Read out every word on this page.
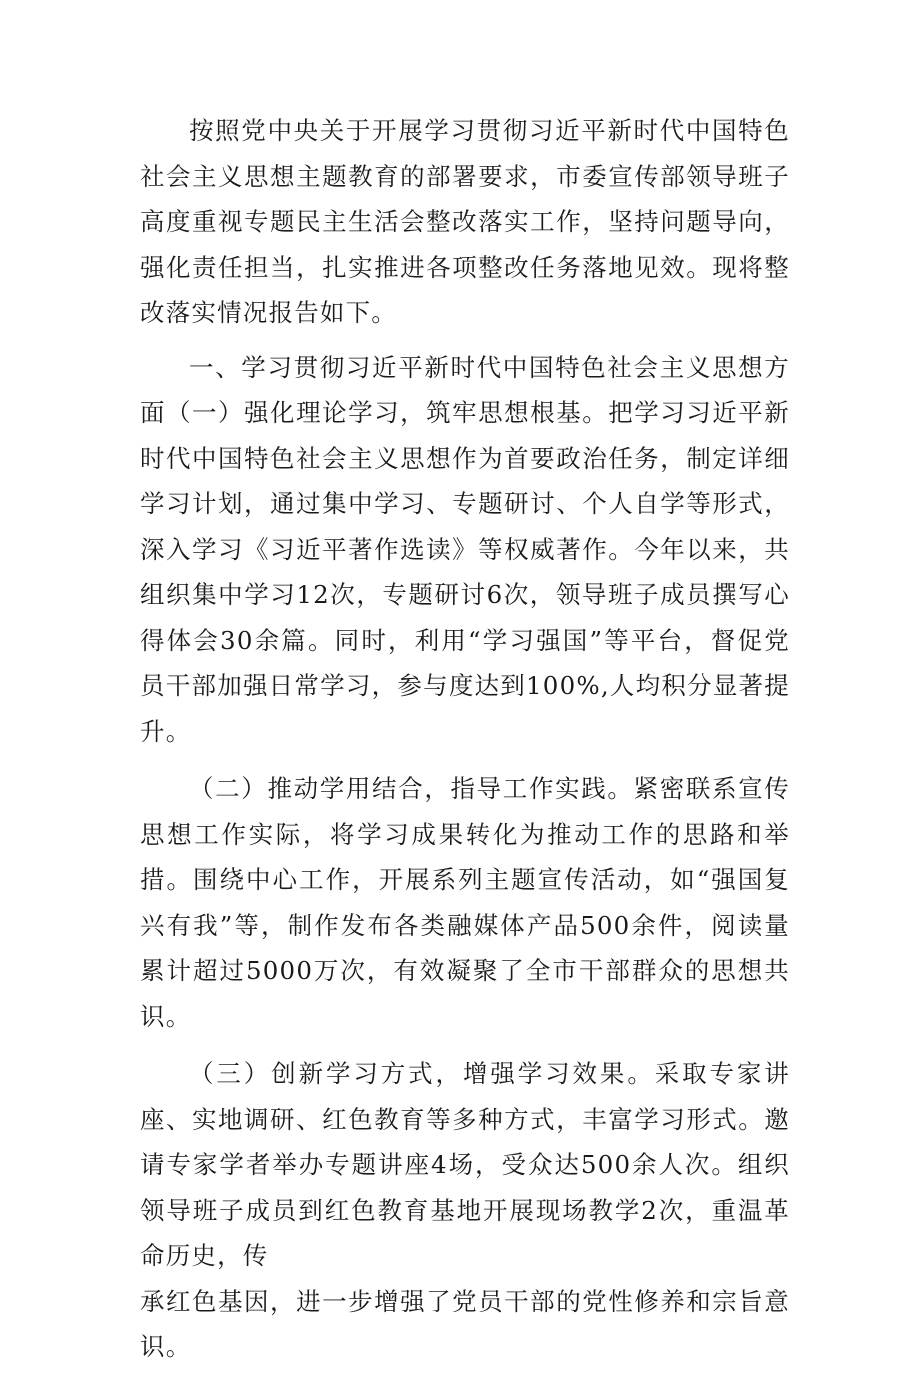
按照党中央关于开展学习贯彻习近平新时代中国特色社会主义思想主题教育的部署要求，市委宣传部领导班子高度重视专题民主生活会整改落实工作，坚持问题导向，强化责任担当，扎实推进各项整改任务落地见效。现将整改落实情况报告如下。

一、学习贯彻习近平新时代中国特色社会主义思想方面（一）强化理论学习，筑牢思想根基。把学习习近平新时代中国特色社会主义思想作为首要政治任务，制定详细学习计划，通过集中学习、专题研讨、个人自学等形式，深入学习《习近平著作选读》等权威著作。今年以来，共组织集中学习12次，专题研讨6次，领导班子成员撰写心得体会30余篇。同时，利用“学习强国”等平台，督促党员干部加强日常学习，参与度达到100%,人均积分显著提升。

（二）推动学用结合，指导工作实践。紧密联系宣传思想工作实际，将学习成果转化为推动工作的思路和举措。围绕中心工作，开展系列主题宣传活动，如“强国复兴有我”等，制作发布各类融媒体产品500余件，阅读量累计超过5000万次，有效凝聚了全市干部群众的思想共识。

（三）创新学习方式，增强学习效果。采取专家讲座、实地调研、红色教育等多种方式，丰富学习形式。邀请专家学者举办专题讲座4场，受众达500余人次。组织领导班子成员到红色教育基地开展现场教学2次，重温革命历史，传

承红色基因，进一步增强了党员干部的党性修养和宗旨意识。
